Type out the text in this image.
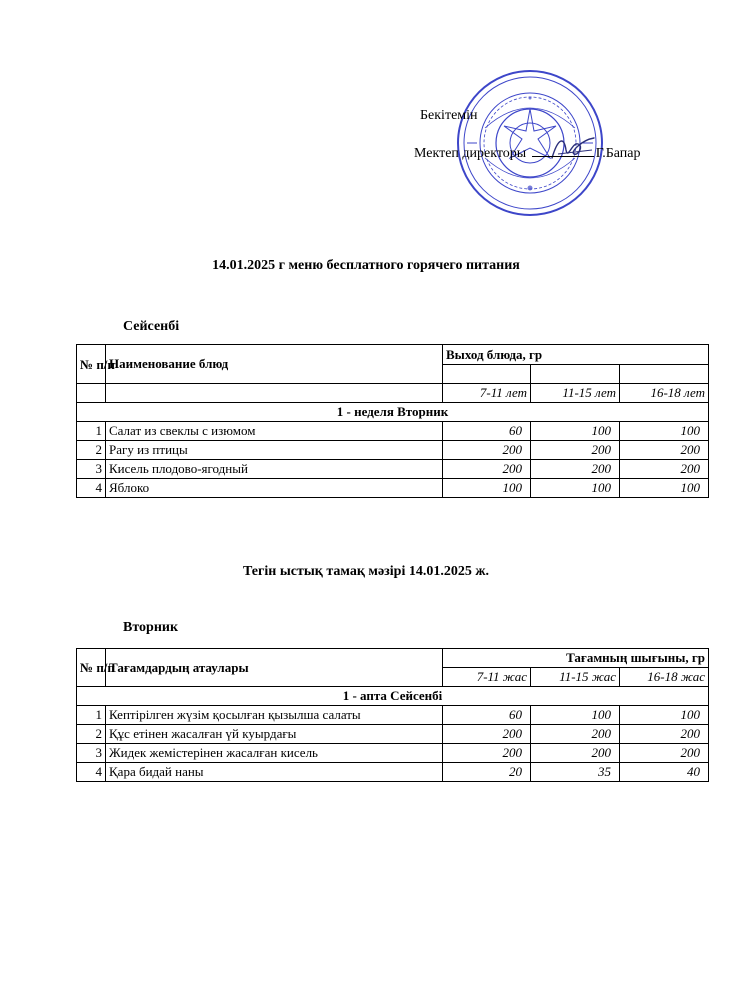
Бекітемін
Мектеп директоры	Г.Бапар
14.01.2025 г меню бесплатного горячего питания
Сейсенбі
№ п/п	Наименование блюд	Выход блюда, гр		

		7-11 лет	11-15 лет	16-18 лет
1 - неделя Вторник				
1	Салат из свеклы с изюмом	60	100	100
2	Рагу из птицы	200	200	200
3	Кисель плодово-ягодный	200	200	200
4	Яблоко	100	100	100
Тегін ыстық тамақ мәзірі 14.01.2025 ж.
Вторник
№ п/п	Тағамдардың атаулары	Тағамның шығыны, гр		
		7-11 жас	11-15 жас	16-18 жас
1 - апта Сейсенбі				
1	Кептірілген жүзім қосылған қызылша салаты	60	100	100
2	Құс етінен жасалған үй куырдағы	200	200	200
3	Жидек жемістерінен жасалған кисель	200	200	200
4	Қара бидай наны	20	35	40
